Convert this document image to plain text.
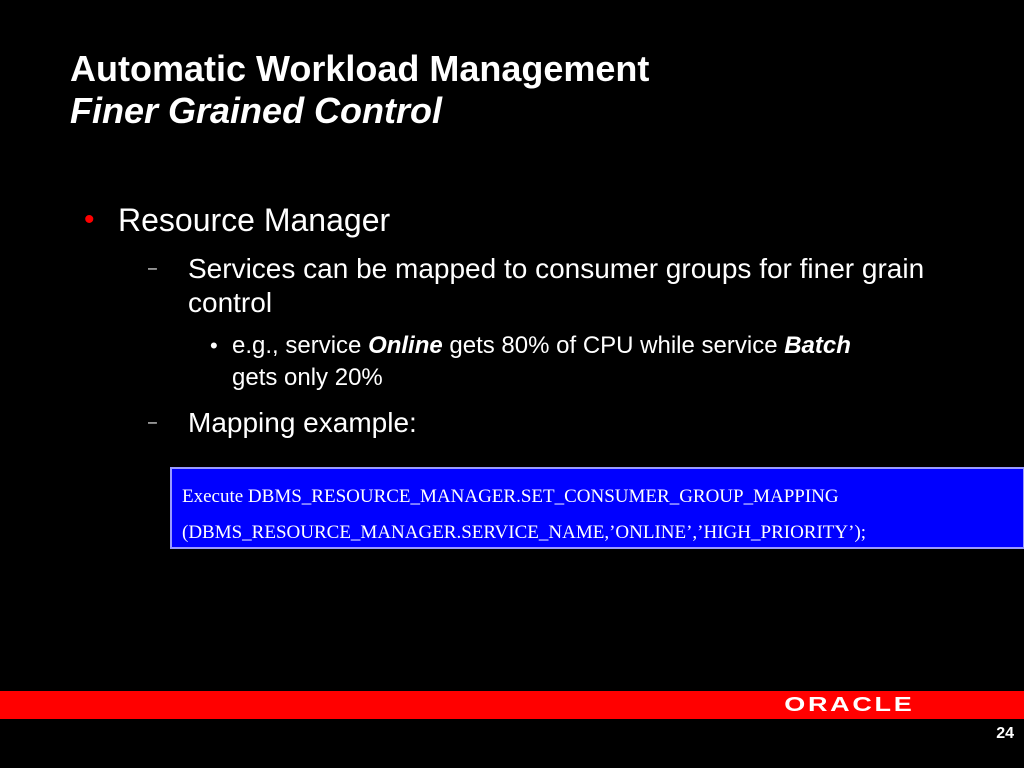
Automatic Workload Management
Finer Grained Control
• Resource Manager
– Services can be mapped to consumer groups for finer grain control
• e.g., service Online gets 80% of CPU while service Batch gets only 20%
– Mapping example:
Execute DBMS_RESOURCE_MANAGER.SET_CONSUMER_GROUP_MAPPING
(DBMS_RESOURCE_MANAGER.SERVICE_NAME,’ONLINE’,’HIGH_PRIORITY’);
ORACLE
24
